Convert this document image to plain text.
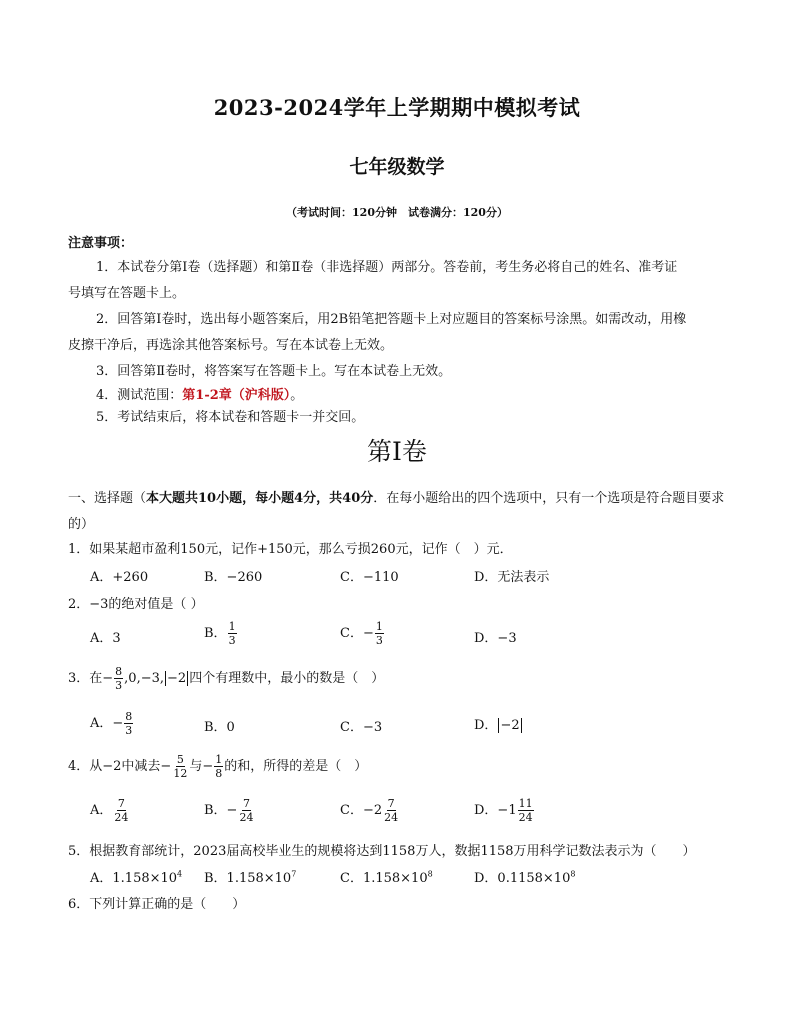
2023-2024学年上学期期中模拟考试
七年级数学
（考试时间：120分钟　试卷满分：120分）
注意事项：
1．本试卷分第Ⅰ卷（选择题）和第Ⅱ卷（非选择题）两部分。答卷前，考生务必将自己的姓名、准考证
号填写在答题卡上。
2．回答第Ⅰ卷时，选出每小题答案后，用2B铅笔把答题卡上对应题目的答案标号涂黑。如需改动，用橡
皮擦干净后，再选涂其他答案标号。写在本试卷上无效。
3．回答第Ⅱ卷时，将答案写在答题卡上。写在本试卷上无效。
4．测试范围：第1-2章（沪科版）。
5．考试结束后，将本试卷和答题卡一并交回。
第Ⅰ卷
一、选择题（本大题共10小题，每小题4分，共40分．在每小题给出的四个选项中，只有一个选项是符合题目要求的）
1．如果某超市盈利150元，记作+150元，那么亏损260元，记作（　）元．
A．+260	B．−260	C．−110	D．无法表示
2．−3的绝对值是（ ）
A．3	B． $\frac{1}{3}$	C．− $\frac{1}{3}$	D．−3
3．在− $\frac{8}{3} ,0,-3$, −2 四个有理数中，最小的数是（　）
A．− $\frac{8}{3}$	B．0	C．−3	D． −2
4．从−2中减去− $\frac{5}{12}$ 与− $\frac{1}{8}$ 的和，所得的差是（　）
A． $\frac{7}{24}$	B．− $\frac{7}{24}$	C．$-2 \frac{7}{24}$	D．$-1 \frac{11}{24}$
5．根据教育部统计，2023届高校毕业生的规模将达到1158万人，数据1158万用科学记数法表示为（　　）
A．$1.158\times 10^4$ B．$1.158\times 10^7$	C．$1.158\times 10^8$	D．$0.1158\times 10^8$
6．下列计算正确的是（　　）
